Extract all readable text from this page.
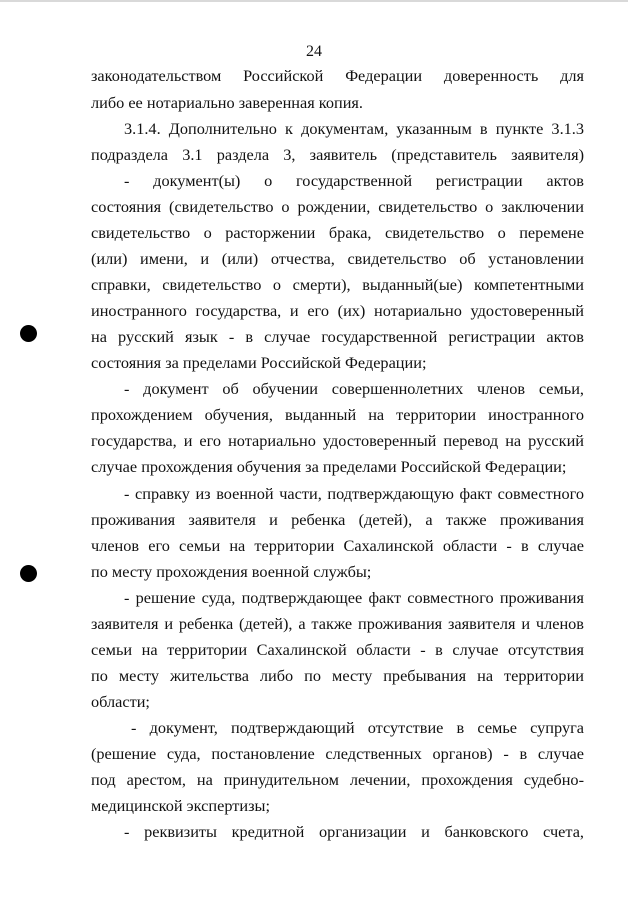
24
законодательством Российской Федерации доверенность для
либо ее нотариально заверенная копия.
3.1.4. Дополнительно к документам, указанным в пункте 3.1.3
подраздела 3.1 раздела 3, заявитель (представитель заявителя)
- документ(ы) о государственной регистрации актов
состояния (свидетельство о рождении, свидетельство о заключении
свидетельство о расторжении брака, свидетельство о перемене
(или) имени, и (или) отчества, свидетельство об установлении
справки, свидетельство о смерти), выданный(ые) компетентными
иностранного государства, и его (их) нотариально удостоверенный
на русский язык - в случае государственной регистрации актов
состояния за пределами Российской Федерации;
- документ об обучении совершеннолетних членов семьи,
прохождением обучения, выданный на территории иностранного
государства, и его нотариально удостоверенный перевод на русский
случае прохождения обучения за пределами Российской Федерации;
- справку из военной части, подтверждающую факт совместного
проживания заявителя и ребенка (детей), а также проживания
членов его семьи на территории Сахалинской области - в случае
по месту прохождения военной службы;
- решение суда, подтверждающее факт совместного проживания
заявителя и ребенка (детей), а также проживания заявителя и членов
семьи на территории Сахалинской области - в случае отсутствия
по месту жительства либо по месту пребывания на территории
области;
- документ, подтверждающий отсутствие в семье супруга
(решение суда, постановление следственных органов) - в случае
под арестом, на принудительном лечении, прохождения судебно-
медицинской экспертизы;
- реквизиты кредитной организации и банковского счета,
